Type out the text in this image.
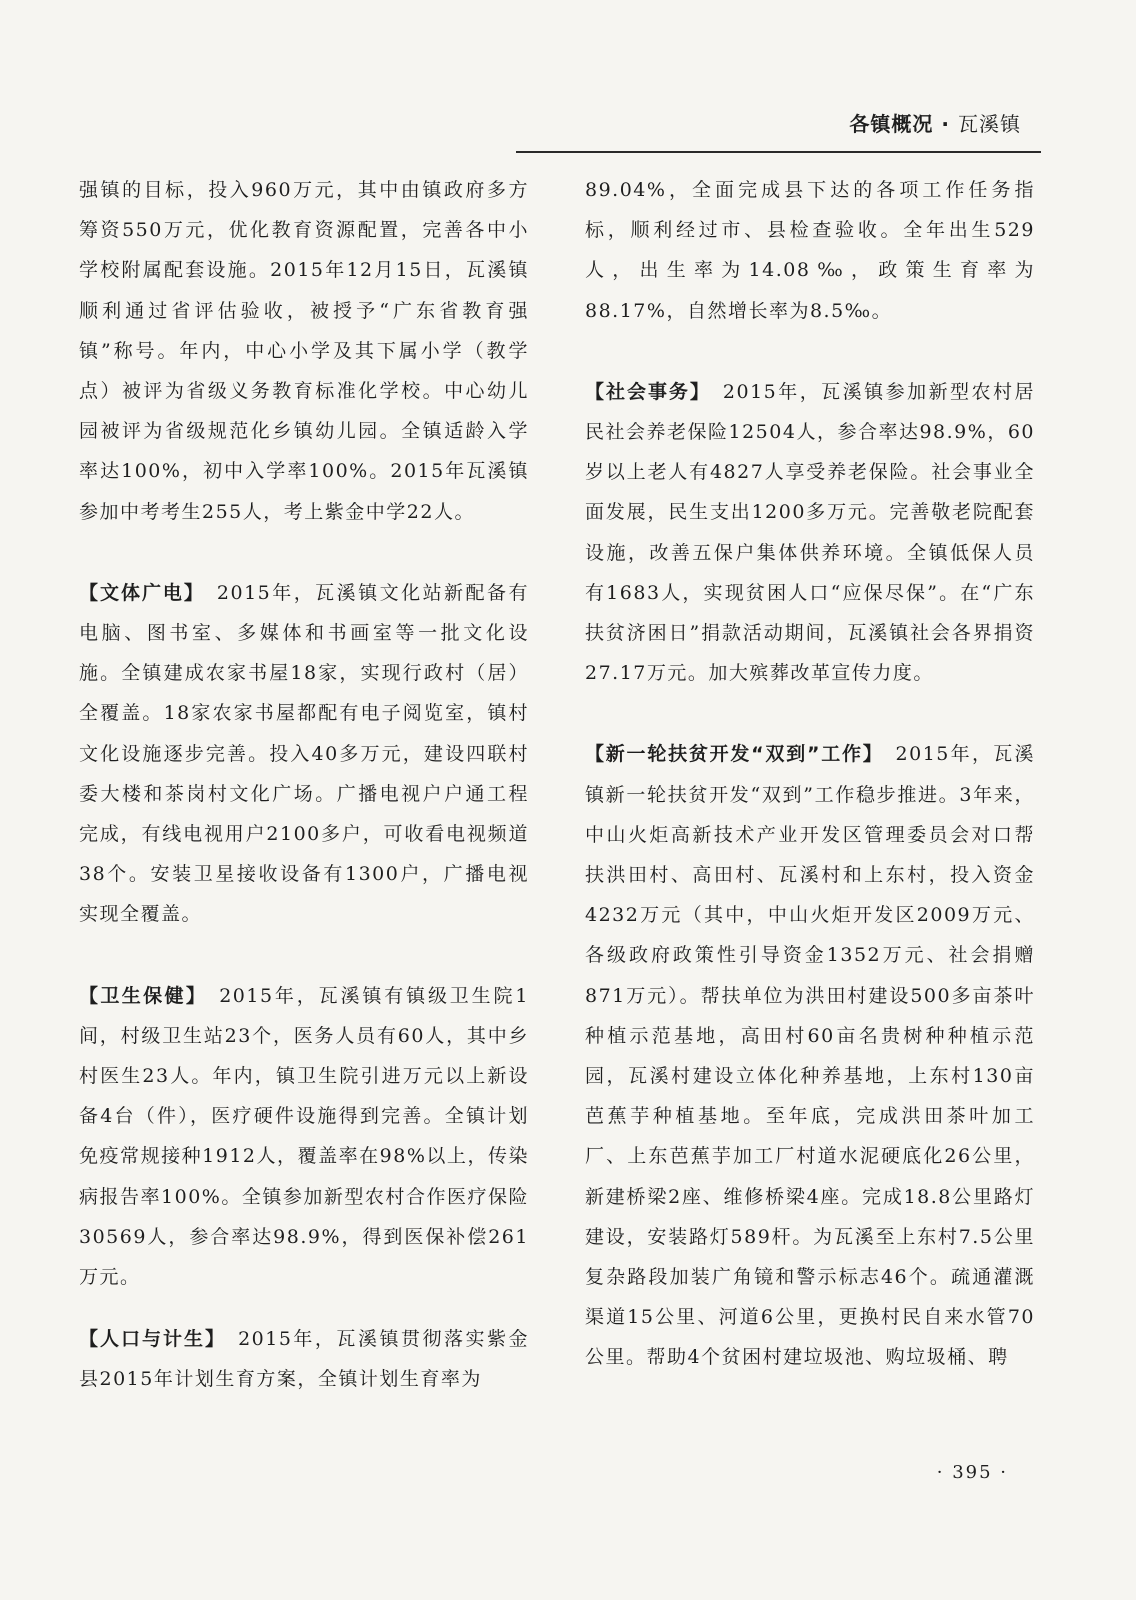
各镇概况 · 瓦溪镇

强镇的目标，投入960万元，其中由镇政府多方筹资550万元，优化教育资源配置，完善各中小学校附属配套设施。2015年12月15日，瓦溪镇顺利通过省评估验收，被授予“广东省教育强镇”称号。年内，中心小学及其下属小学（教学点）被评为省级义务教育标准化学校。中心幼儿园被评为省级规范化乡镇幼儿园。全镇适龄入学率达100%，初中入学率100%。2015年瓦溪镇参加中考考生255人，考上紫金中学22人。

【文体广电】 2015年，瓦溪镇文化站新配备有电脑、图书室、多媒体和书画室等一批文化设施。全镇建成农家书屋18家，实现行政村（居）全覆盖。18家农家书屋都配有电子阅览室，镇村文化设施逐步完善。投入40多万元，建设四联村委大楼和茶岗村文化广场。广播电视户户通工程完成，有线电视用户2100多户，可收看电视频道38个。安装卫星接收设备有1300户，广播电视实现全覆盖。

【卫生保健】 2015年，瓦溪镇有镇级卫生院1间，村级卫生站23个，医务人员有60人，其中乡村医生23人。年内，镇卫生院引进万元以上新设备4台（件），医疗硬件设施得到完善。全镇计划免疫常规接种1912人，覆盖率在98%以上，传染病报告率100%。全镇参加新型农村合作医疗保险30569人，参合率达98.9%，得到医保补偿261万元。

【人口与计生】 2015年，瓦溪镇贯彻落实紫金县2015年计划生育方案，全镇计划生育率为

89.04%，全面完成县下达的各项工作任务指标，顺利经过市、县检查验收。全年出生529人，出生率为14.08‰，政策生育率为88.17%，自然增长率为8.5‰。

【社会事务】 2015年，瓦溪镇参加新型农村居民社会养老保险12504人，参合率达98.9%，60岁以上老人有4827人享受养老保险。社会事业全面发展，民生支出1200多万元。完善敬老院配套设施，改善五保户集体供养环境。全镇低保人员有1683人，实现贫困人口“应保尽保”。在“广东扶贫济困日”捐款活动期间，瓦溪镇社会各界捐资27.17万元。加大殡葬改革宣传力度。

【新一轮扶贫开发“双到”工作】 2015年，瓦溪镇新一轮扶贫开发“双到”工作稳步推进。3年来，中山火炬高新技术产业开发区管理委员会对口帮扶洪田村、高田村、瓦溪村和上东村，投入资金4232万元（其中，中山火炬开发区2009万元、各级政府政策性引导资金1352万元、社会捐赠871万元）。帮扶单位为洪田村建设500多亩茶叶种植示范基地，高田村60亩名贵树种种植示范园，瓦溪村建设立体化种养基地，上东村130亩芭蕉芋种植基地。至年底，完成洪田茶叶加工厂、上东芭蕉芋加工厂村道水泥硬底化26公里，新建桥梁2座、维修桥梁4座。完成18.8公里路灯建设，安装路灯589杆。为瓦溪至上东村7.5公里复杂路段加装广角镜和警示标志46个。疏通灌溉渠道15公里、河道6公里，更换村民自来水管70公里。帮助4个贫困村建垃圾池、购垃圾桶、聘

· 395 ·
